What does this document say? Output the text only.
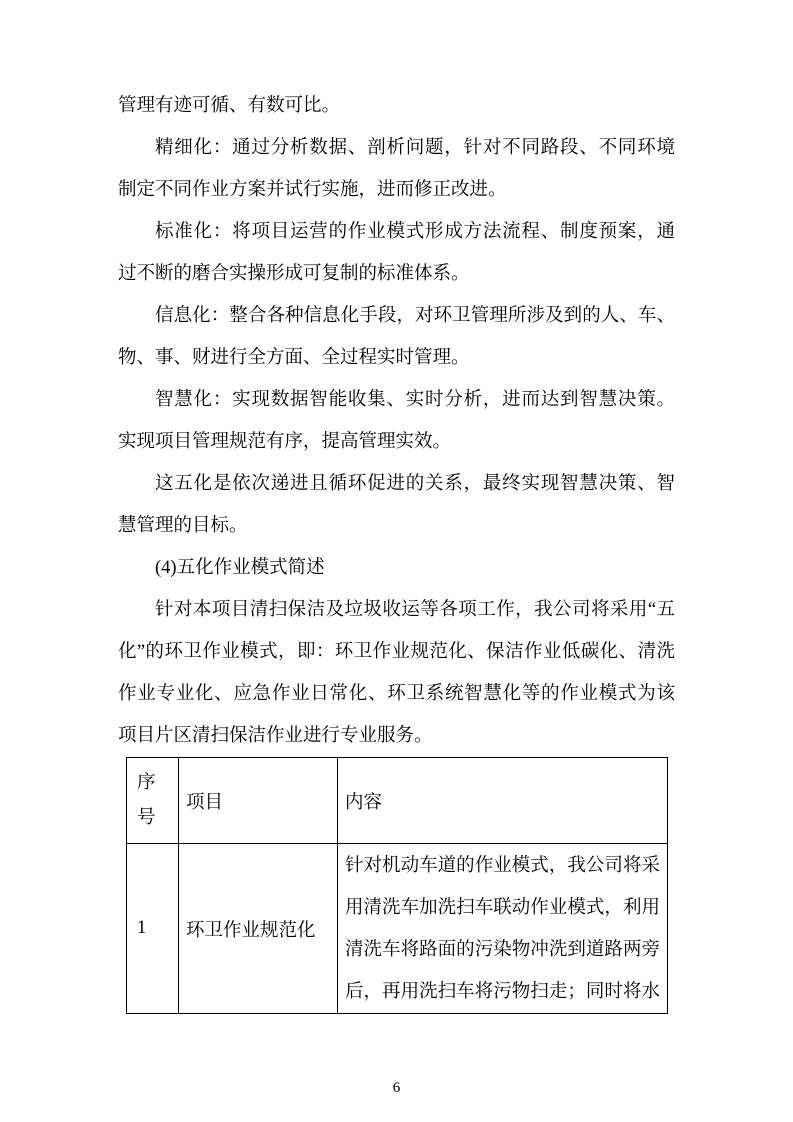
管理有迹可循、有数可比。
精细化：通过分析数据、剖析问题，针对不同路段、不同环境
制定不同作业方案并试行实施，进而修正改进。
标准化：将项目运营的作业模式形成方法流程、制度预案，通
过不断的磨合实操形成可复制的标准体系。
信息化：整合各种信息化手段，对环卫管理所涉及到的人、车、
物、事、财进行全方面、全过程实时管理。
智慧化：实现数据智能收集、实时分析，进而达到智慧决策。
实现项目管理规范有序，提高管理实效。
这五化是依次递进且循环促进的关系，最终实现智慧决策、智
慧管理的目标。
(4)五化作业模式简述
针对本项目清扫保洁及垃圾收运等各项工作，我公司将采用“五
化”的环卫作业模式，即：环卫作业规范化、保洁作业低碳化、清洗
作业专业化、应急作业日常化、环卫系统智慧化等的作业模式为该
项目片区清扫保洁作业进行专业服务。
序号	项目	内容
1	环卫作业规范化	针对机动车道的作业模式，我公司将采
用清洗车加洗扫车联动作业模式，利用
清洗车将路面的污染物冲洗到道路两旁
后，再用洗扫车将污物扫走；同时将水
6
